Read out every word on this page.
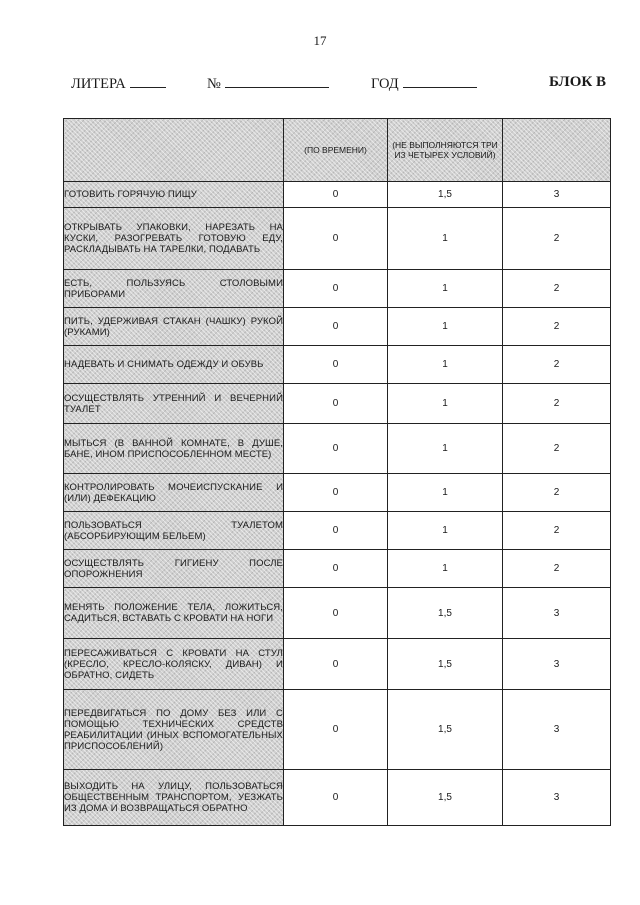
17
ЛИТЕРА	№	ГОД	БЛОК В
	(ПО ВРЕМЕНИ)	(НЕ ВЫПОЛНЯЮТСЯ ТРИ ИЗ ЧЕТЫРЕХ УСЛОВИЙ)	
ГОТОВИТЬ ГОРЯЧУЮ ПИЩУ	0	1,5	3
ОТКРЫВАТЬ УПАКОВКИ, НАРЕЗАТЬ НА КУСКИ, РАЗОГРЕВАТЬ ГОТОВУЮ ЕДУ, РАСКЛАДЫВАТЬ НА ТАРЕЛКИ, ПОДАВАТЬ	0	1	2
ЕСТЬ, ПОЛЬЗУЯСЬ СТОЛОВЫМИ ПРИБОРАМИ	0	1	2
ПИТЬ, УДЕРЖИВАЯ СТАКАН (ЧАШКУ) РУКОЙ (РУКАМИ)	0	1	2
НАДЕВАТЬ И СНИМАТЬ ОДЕЖДУ И ОБУВЬ	0	1	2
ОСУЩЕСТВЛЯТЬ УТРЕННИЙ И ВЕЧЕРНИЙ ТУАЛЕТ	0	1	2
МЫТЬСЯ (В ВАННОЙ КОМНАТЕ, В ДУШЕ, БАНЕ, ИНОМ ПРИСПОСОБЛЕННОМ МЕСТЕ)	0	1	2
КОНТРОЛИРОВАТЬ МОЧЕИСПУСКАНИЕ И (ИЛИ) ДЕФЕКАЦИЮ	0	1	2
ПОЛЬЗОВАТЬСЯ ТУАЛЕТОМ (АБСОРБИРУЮЩИМ БЕЛЬЕМ)	0	1	2
ОСУЩЕСТВЛЯТЬ ГИГИЕНУ ПОСЛЕ ОПОРОЖНЕНИЯ	0	1	2
МЕНЯТЬ ПОЛОЖЕНИЕ ТЕЛА, ЛОЖИТЬСЯ, САДИТЬСЯ, ВСТАВАТЬ С КРОВАТИ НА НОГИ	0	1,5	3
ПЕРЕСАЖИВАТЬСЯ С КРОВАТИ НА СТУЛ (КРЕСЛО, КРЕСЛО-КОЛЯСКУ, ДИВАН) И ОБРАТНО, СИДЕТЬ	0	1,5	3
ПЕРЕДВИГАТЬСЯ ПО ДОМУ БЕЗ ИЛИ С ПОМОЩЬЮ ТЕХНИЧЕСКИХ СРЕДСТВ РЕАБИЛИТАЦИИ (ИНЫХ ВСПОМОГАТЕЛЬНЫХ ПРИСПОСОБЛЕНИЙ)	0	1,5	3
ВЫХОДИТЬ НА УЛИЦУ, ПОЛЬЗОВАТЬСЯ ОБЩЕСТВЕННЫМ ТРАНСПОРТОМ, УЕЗЖАТЬ ИЗ ДОМА И ВОЗВРАЩАТЬСЯ ОБРАТНО	0	1,5	3
